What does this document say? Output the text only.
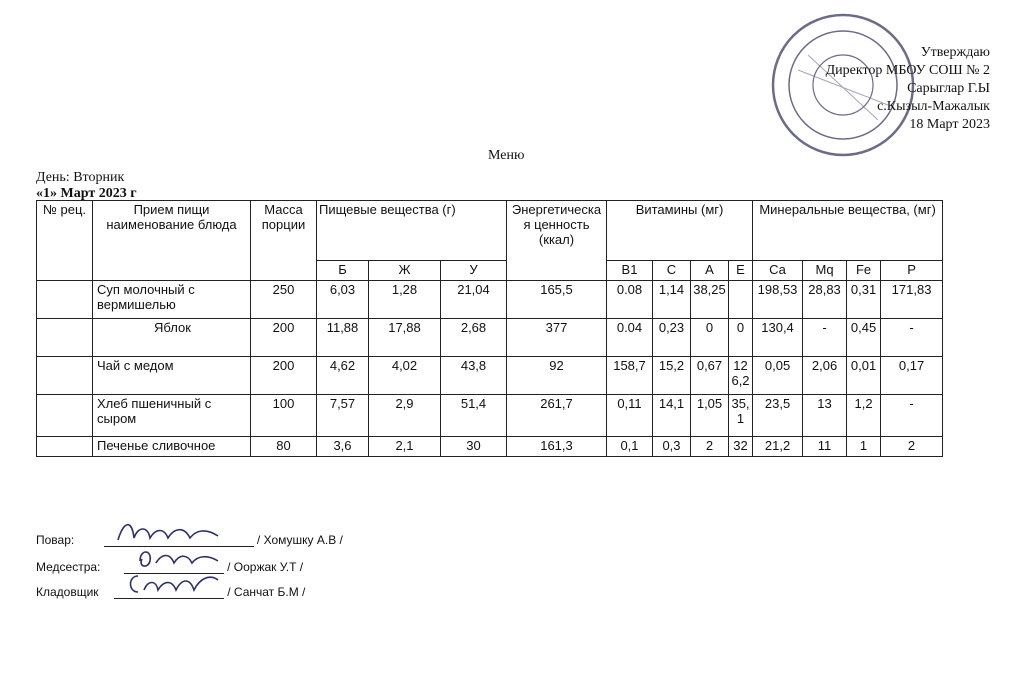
Утверждаю
Директор МБОУ СОШ № 2
Сарыглар Г.Ы
с.Кызыл-Мажалык
18 Март 2023
Меню
День: Вторник
«1» Март 2023 г
№ рец.	Прием пищи наименование блюда	Масса порции	Пищевые вещества (г)			Энергетическая ценность (ккал)	Витамины (мг)				Минеральные вещества, (мг)			
			Б	Ж	У		В1	С	А	Е	Са	Мq	Fe	P
	Суп молочный с вермишелью	250	6,03	1,28	21,04	165,5	0.08	1,14	38,25		198,53	28,83	0,31	171,83
	Яблок	200	11,88	17,88	2,68	377	0.04	0,23	0	0	130,4	-	0,45	-
	Чай с медом	200	4,62	4,02	43,8	92	158,7	15,2	0,67	126,2	0,05	2,06	0,01	0,17
	Хлеб пшеничный с сыром	100	7,57	2,9	51,4	261,7	0,11	14,1	1,05	35,1	23,5	13	1,2	-
	Печенье сливочное	80	3,6	2,1	30	161,3	0,1	0,3	2	32	21,2	11	1	2
Повар:	/ Хомушку А.В /
Медсестра:	/ Ооржак У.Т /
Кладовщик	/ Санчат Б.М /
